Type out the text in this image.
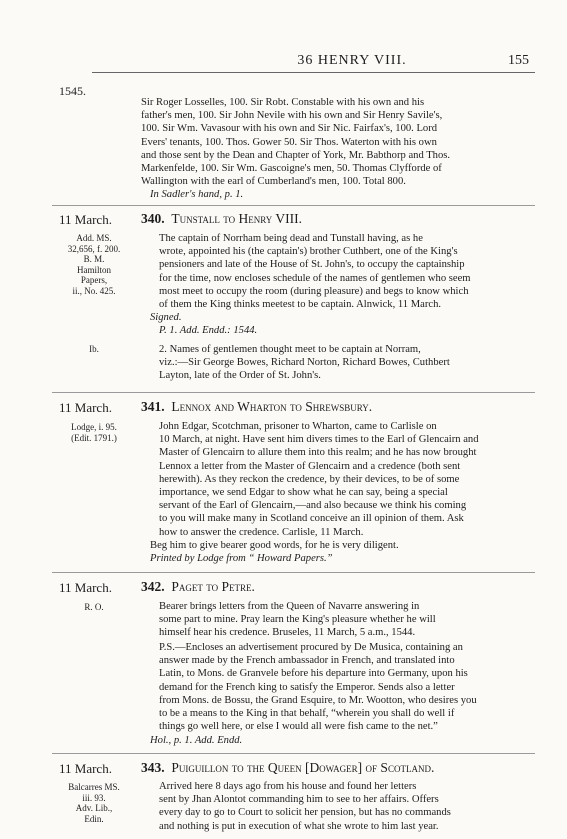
36 HENRY VIII.	155
1545.
Sir Roger Losselles, 100. Sir Robt. Constable with his own and his
father's men, 100. Sir John Nevile with his own and Sir Henry Savile's,
100. Sir Wm. Vavasour with his own and Sir Nic. Fairfax's, 100. Lord
Evers' tenants, 100. Thos. Gower 50. Sir Thos. Waterton with his own
and those sent by the Dean and Chapter of York, Mr. Babthorp and Thos.
Markenfelde, 100. Sir Wm. Gascoigne's men, 50. Thomas Clyfforde of
Wallington with the earl of Cumberland's men, 100. Total 800.
In Sadler's hand, p. 1.
11 March. 340. Tunstall to Henry VIII.
Add. MS.
32,656, f. 200.
B. M.
Hamilton
Papers,
ii., No. 425.
The captain of Norrham being dead and Tunstall having, as he
wrote, appointed his (the captain's) brother Cuthbert, one of the King's
pensioners and late of the House of St. John's, to occupy the captainship
for the time, now encloses schedule of the names of gentlemen who seem
most meet to occupy the room (during pleasure) and begs to know which
of them the King thinks meetest to be captain. Alnwick, 11 March.
Signed.
P. 1. Add. Endd.: 1544.
Ib.	2. Names of gentlemen thought meet to be captain at Norram,
viz.:—Sir George Bowes, Richard Norton, Richard Bowes, Cuthbert
Layton, late of the Order of St. John's.
11 March. 341. Lennox and Wharton to Shrewsbury.
Lodge, i. 95.
(Edit. 1791.)
John Edgar, Scotchman, prisoner to Wharton, came to Carlisle on
10 March, at night. Have sent him divers times to the Earl of Glencairn and
Master of Glencairn to allure them into this realm; and he has now brought
Lennox a letter from the Master of Glencairn and a credence (both sent
herewith). As they reckon the credence, by their devices, to be of some
importance, we send Edgar to show what he can say, being a special
servant of the Earl of Glencairn,—and also because we think his coming
to you will make many in Scotland conceive an ill opinion of them. Ask
how to answer the credence. Carlisle, 11 March.
Beg him to give bearer good words, for he is very diligent.
Printed by Lodge from “ Howard Papers.”
11 March. 342. Paget to Petre.
R. O.	Bearer brings letters from the Queen of Navarre answering in
some part to mine. Pray learn the King's pleasure whether he will
himself hear his credence. Bruseles, 11 March, 5 a.m., 1544.
P.S.—Encloses an advertisement procured by De Musica, containing an
answer made by the French ambassador in French, and translated into
Latin, to Mons. de Granvele before his departure into Germany, upon his
demand for the French king to satisfy the Emperor. Sends also a letter
from Mons. de Bossu, the Grand Esquire, to Mr. Wootton, who desires you
to be a means to the King in that behalf, “wherein you shall do well if
things go well here, or else I would all were fish came to the net.”
Hol., p. 1. Add. Endd.
11 March. 343. Puiguillon to the Queen [Dowager] of Scotland.
Balcarres MS.
iii. 93.
Adv. Lib.,
Edin.
Arrived here 8 days ago from his house and found her letters
sent by Jhan Alontot commanding him to see to her affairs. Offers
every day to go to Court to solicit her pension, but has no commands
and nothing is put in execution of what she wrote to him last year.
